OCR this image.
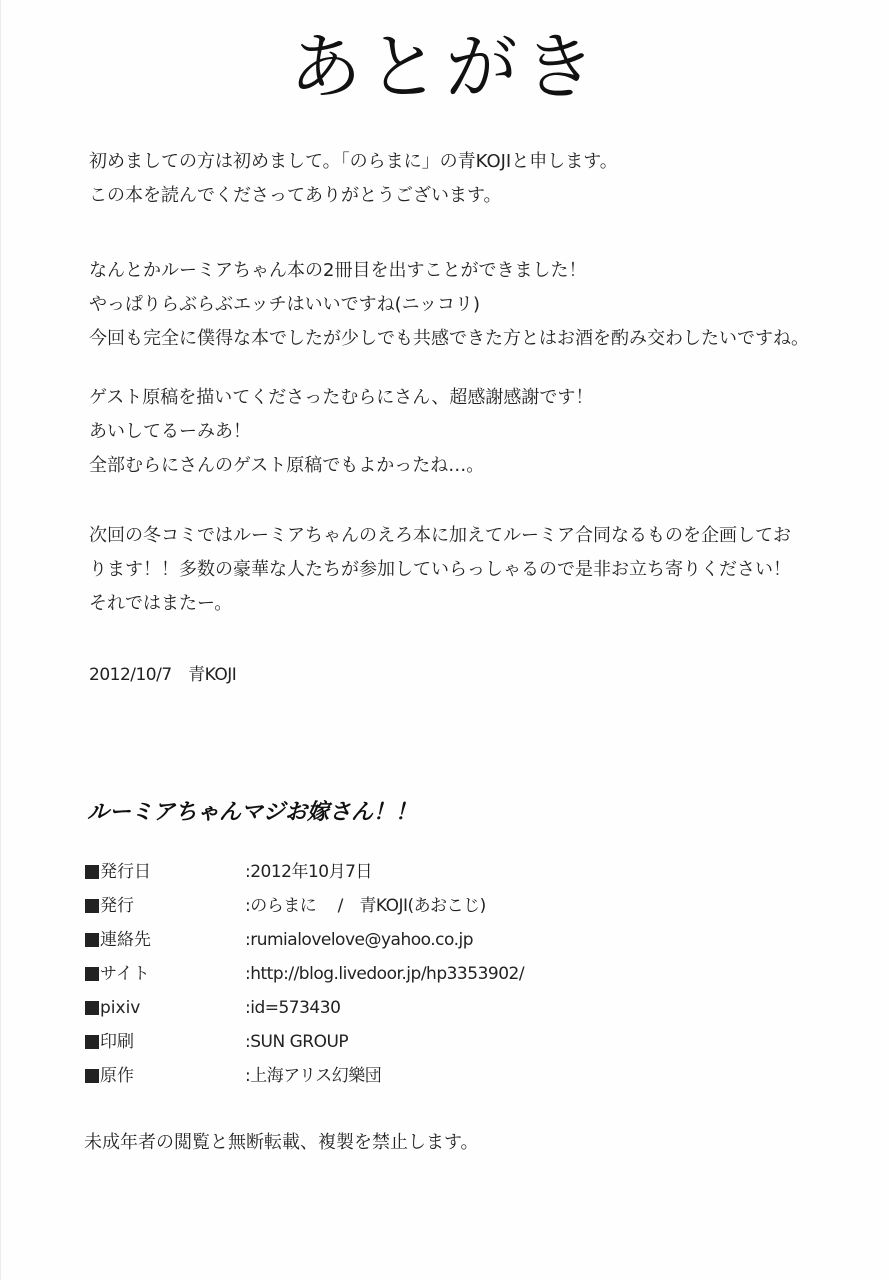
あとがき
初めましての方は初めまして。「のらまに」の青KOJIと申します。
この本を読んでくださってありがとうございます。
なんとかルーミアちゃん本の2冊目を出すことができました！
やっぱりらぶらぶエッチはいいですね(ニッコリ)
今回も完全に僕得な本でしたが少しでも共感できた方とはお酒を酌み交わしたいですね。
ゲスト原稿を描いてくださったむらにさん、超感謝感謝です！
あいしてるーみあ！
全部むらにさんのゲスト原稿でもよかったね…。
次回の冬コミではルーミアちゃんのえろ本に加えてルーミア合同なるものを企画してお
ります！！多数の豪華な人たちが参加していらっしゃるので是非お立ち寄りください！
それではまたー。
2012/10/7　青KOJI
ルーミアちゃんマジお嫁さん！！
発行日	:2012年10月7日
発行	:のらまに　 /　青KOJI(あおこじ)
連絡先	:rumialovelove@yahoo.co.jp
サイト	:http://blog.livedoor.jp/hp3353902/
pixiv	:id=573430
印刷	:SUN GROUP
原作	:上海アリス幻樂団
未成年者の閲覧と無断転載、複製を禁止します。
